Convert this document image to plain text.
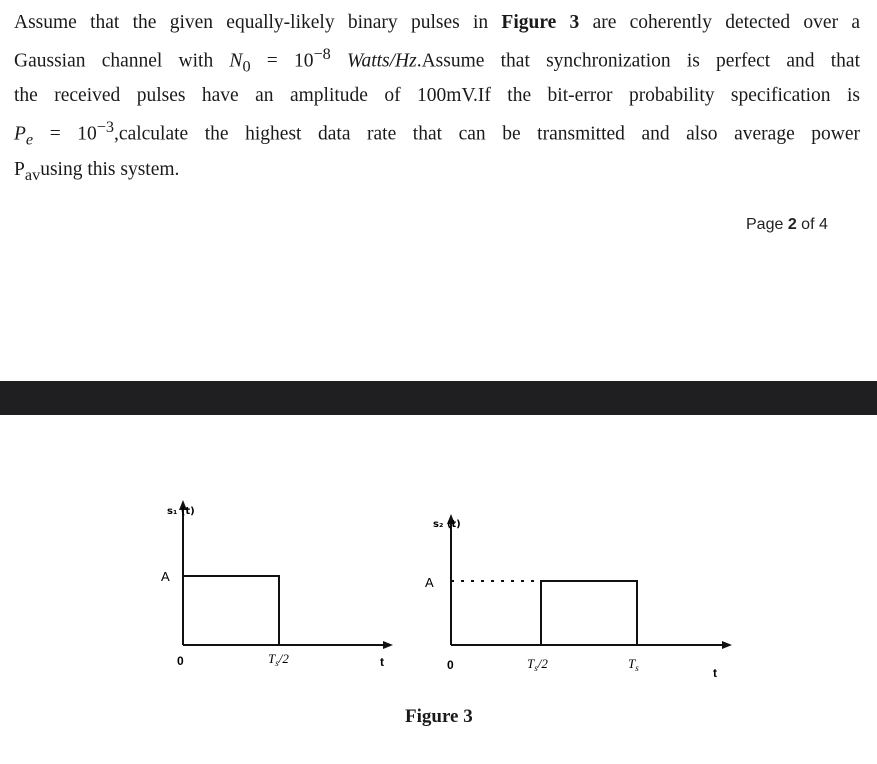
Assume that the given equally-likely binary pulses in Figure 3 are coherently detected over a
Gaussian channel with $N_0 = 10^{-8}$ Watts/Hz.Assume that synchronization is perfect and that
the received pulses have an amplitude of 100mV.If the bit-error probability specification is
$P_e$ = $10^{-3},calculate$ the highest data rate that can be transmitted and also average power
$P_{av}using$ this system.
Page 2 of 4
s₁ (t)
A
0	$T_s/2$	t
s₂ (t)
A
0	$T_s/2$	$T_s$	t
Figure 3
